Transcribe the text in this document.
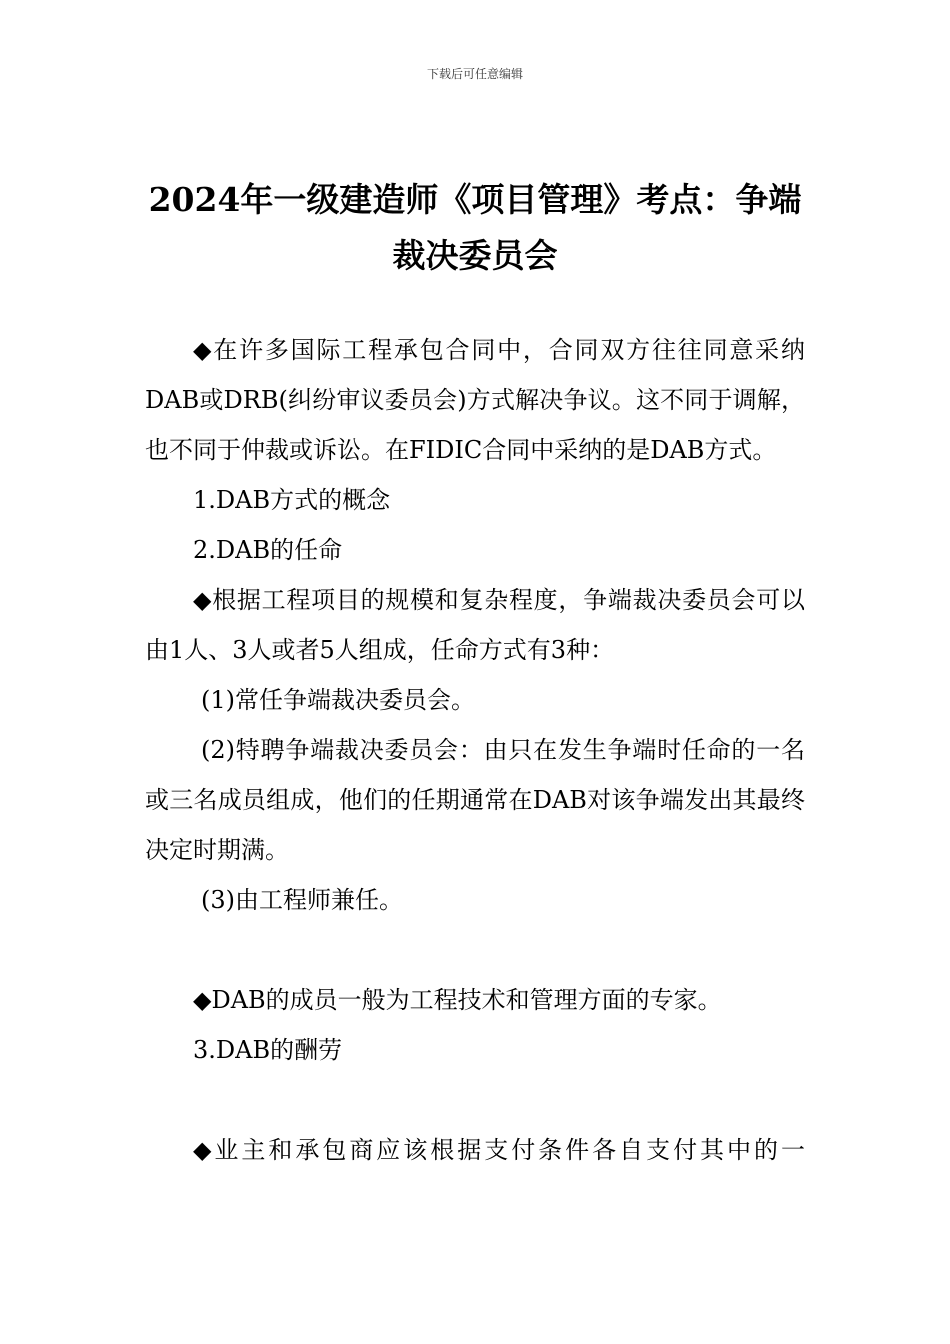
下载后可任意编辑
2024年一级建造师《项目管理》考点：争端裁决委员会

◆在许多国际工程承包合同中，合同双方往往同意采纳DAB或DRB(纠纷审议委员会)方式解决争议。这不同于调解，也不同于仲裁或诉讼。在FIDIC合同中采纳的是DAB方式。

1.DAB方式的概念

2.DAB的任命

◆根据工程项目的规模和复杂程度，争端裁决委员会可以由1人、3人或者5人组成，任命方式有3种：

(1)常任争端裁决委员会。

(2)特聘争端裁决委员会：由只在发生争端时任命的一名或三名成员组成，他们的任期通常在DAB对该争端发出其最终决定时期满。

(3)由工程师兼任。

◆DAB的成员一般为工程技术和管理方面的专家。

3.DAB的酬劳

◆业主和承包商应该根据支付条件各自支付其中的一
